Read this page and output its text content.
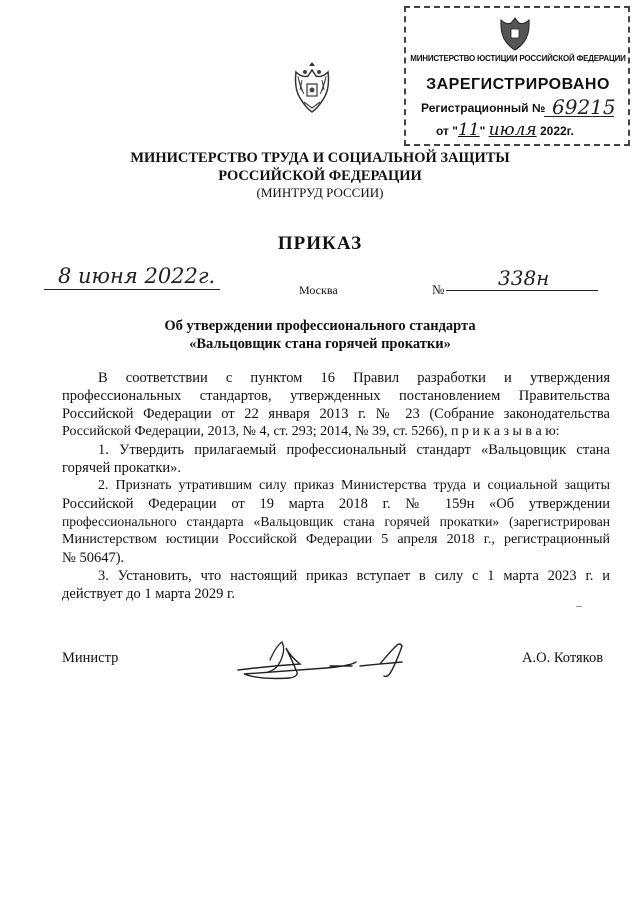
МИНИСТЕРСТВО ЮСТИЦИИ РОССИЙСКОЙ ФЕДЕРАЦИИ
ЗАРЕГИСТРИРОВАНО
Регистрационный № 69215
от "11" июля 2022г.
МИНИСТЕРСТВО ТРУДА И СОЦИАЛЬНОЙ ЗАЩИТЫ
РОССИЙСКОЙ ФЕДЕРАЦИИ
(МИНТРУД РОССИИ)
ПРИКАЗ
8 июня 2022г.
Москва	№	338н
Об утверждении профессионального стандарта
«Вальцовщик стана горячей прокатки»
В соответствии с пунктом 16 Правил разработки и утверждения
профессиональных стандартов, утвержденных постановлением Правительства
Российской Федерации от 22 января 2013 г. № 23 (Собрание законодательства
Российской Федерации, 2013, № 4, ст. 293; 2014, № 39, ст. 5266), п р и к а з ы в а ю:
1. Утвердить прилагаемый профессиональный стандарт «Вальцовщик стана
горячей прокатки».
2. Признать утратившим силу приказ Министерства труда и социальной защиты
Российской Федерации от 19 марта 2018 г. № 159н «Об утверждении
профессионального стандарта «Вальцовщик стана горячей прокатки» (зарегистрирован
Министерством юстиции Российской Федерации 5 апреля 2018 г., регистрационный
№ 50647).
3. Установить, что настоящий приказ вступает в силу с 1 марта 2023 г. и
действует до 1 марта 2029 г.
Министр	А.О. Котяков
